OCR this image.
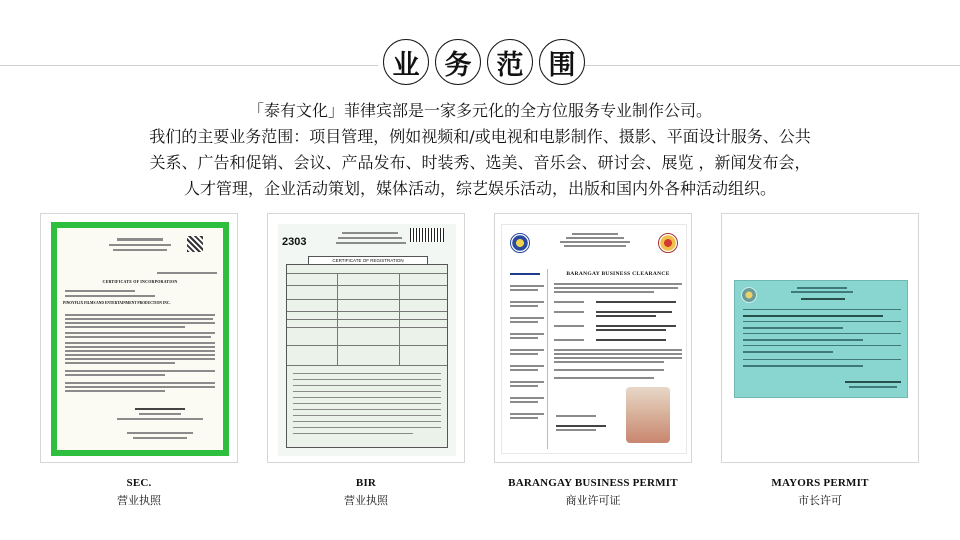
业 务 范 围

「泰有文化」菲律宾部是一家多元化的全方位服务专业制作公司。

我们的主要业务范围：项目管理，例如视频和/或电视和电影制作、摄影、平面设计服务、公共

关系、广告和促销、会议、产品发布、时装秀、选美、音乐会、研讨会、展览 ，新闻发布会，

人才管理，企业活动策划，媒体活动，综艺娱乐活动，出版和国内外各种活动组织。

CERTIFICATE OF INCORPORATION
PINOYFLIX FILMS AND ENTERTAINMENT PRODUCTION INC.
SEC.
营业执照
2303
CERTIFICATE OF REGISTRATION
BIR
营业执照
BARANGAY BUSINESS CLEARANCE
BARANGAY BUSINESS PERMIT
商业许可证
MAYORS PERMIT
市长许可
